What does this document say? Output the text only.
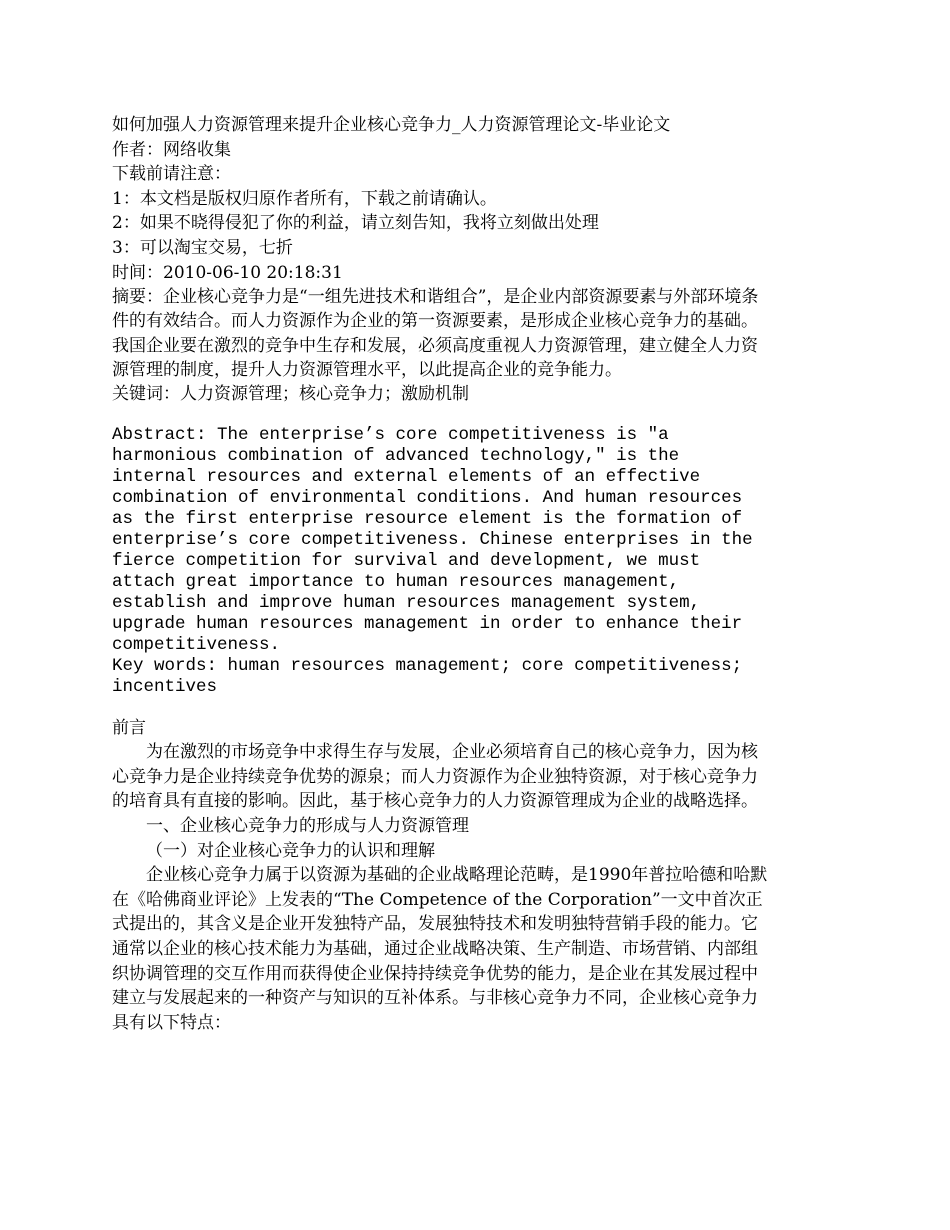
如何加强人力资源管理来提升企业核心竞争力_人力资源管理论文-毕业论文

作者：网络收集

下载前请注意：

1：本文档是版权归原作者所有，下载之前请确认。

2：如果不晓得侵犯了你的利益，请立刻告知，我将立刻做出处理

3：可以淘宝交易，七折

时间：2010-06-10 20:18:31

摘要：企业核心竞争力是“一组先进技术和谐组合”，是企业内部资源要素与外部环境条件的有效结合。而人力资源作为企业的第一资源要素，是形成企业核心竞争力的基础。我国企业要在激烈的竞争中生存和发展，必须高度重视人力资源管理，建立健全人力资源管理的制度，提升人力资源管理水平，以此提高企业的竞争能力。

关键词：人力资源管理；核心竞争力；激励机制

Abstract: The enterprise’s core competitiveness is "a harmonious combination of advanced technology," is the internal resources and external elements of an effective combination of environmental conditions. And human resources as the first enterprise resource element is the formation of enterprise’s core competitiveness. Chinese enterprises in the fierce competition for survival and development, we must attach great importance to human resources management, establish and improve human resources management system, upgrade human resources management in order to enhance their competitiveness.

Key words: human resources management; core competitiveness; incentives

前言

为在激烈的市场竞争中求得生存与发展，企业必须培育自己的核心竞争力，因为核心竞争力是企业持续竞争优势的源泉；而人力资源作为企业独特资源，对于核心竞争力的培育具有直接的影响。因此，基于核心竞争力的人力资源管理成为企业的战略选择。

一、企业核心竞争力的形成与人力资源管理

（一）对企业核心竞争力的认识和理解

企业核心竞争力属于以资源为基础的企业战略理论范畴，是1990年普拉哈德和哈默在《哈佛商业评论》上发表的“The Competence of the Corporation”一文中首次正式提出的，其含义是企业开发独特产品，发展独特技术和发明独特营销手段的能力。它通常以企业的核心技术能力为基础，通过企业战略决策、生产制造、市场营销、内部组织协调管理的交互作用而获得使企业保持持续竞争优势的能力，是企业在其发展过程中建立与发展起来的一种资产与知识的互补体系。与非核心竞争力不同，企业核心竞争力具有以下特点：
